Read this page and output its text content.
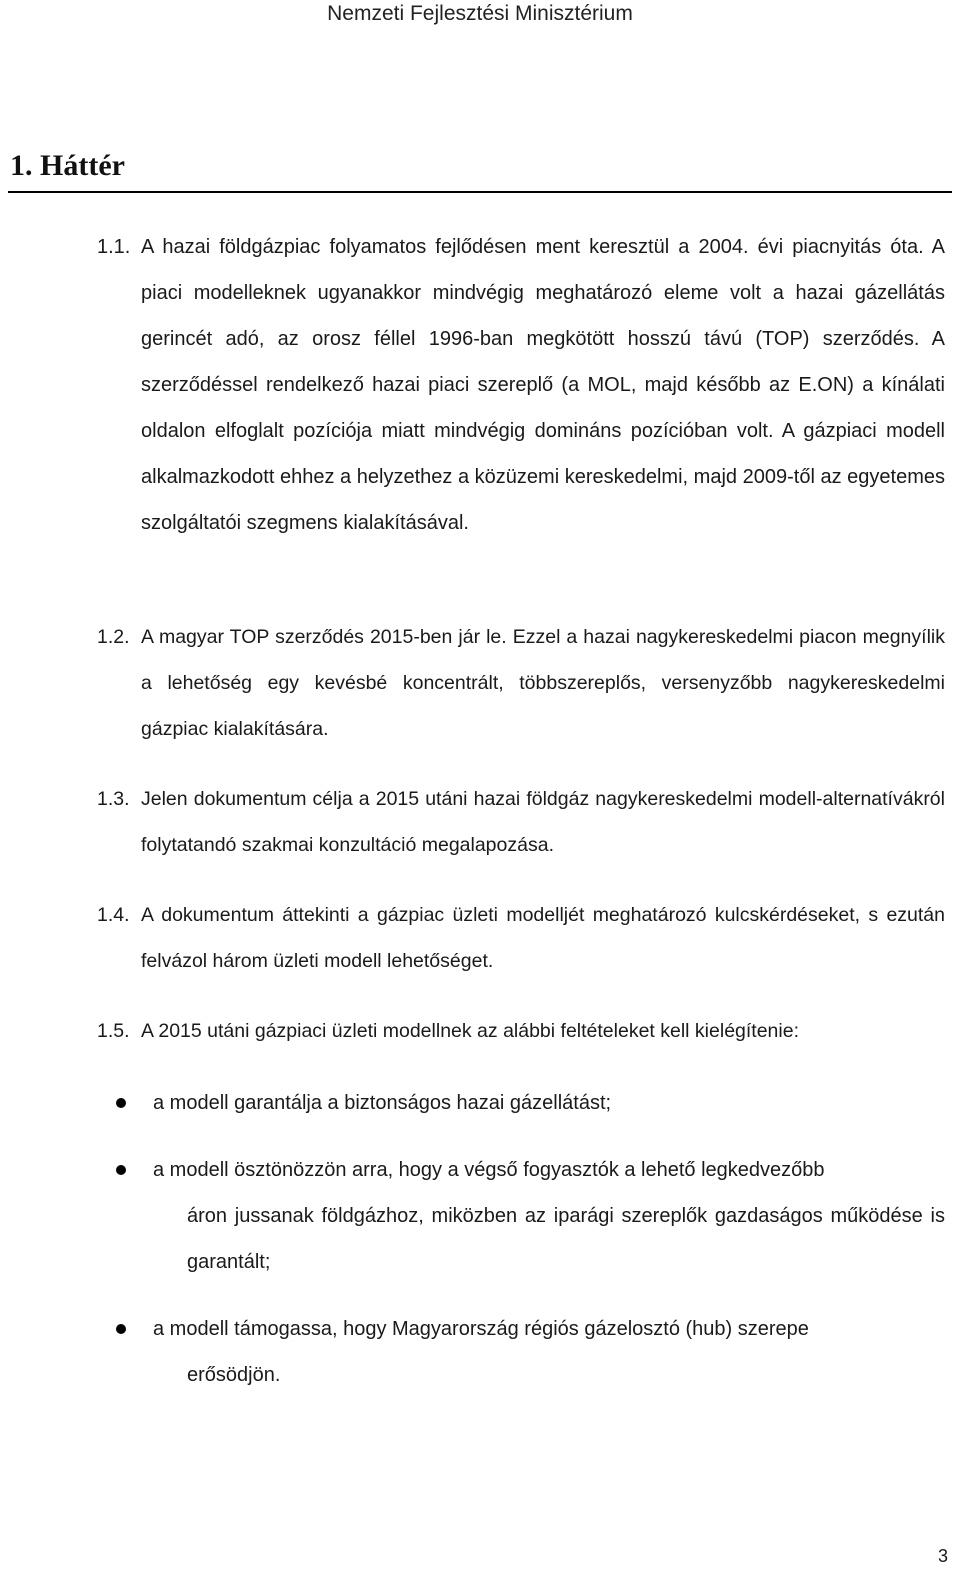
Nemzeti Fejlesztési Minisztérium
1. Háttér
1.1. A hazai földgázpiac folyamatos fejlődésen ment keresztül a 2004. évi piacnyitás óta. A piaci modelleknek ugyanakkor mindvégig meghatározó eleme volt a hazai gázellátás gerincét adó, az orosz féllel 1996-ban megkötött hosszú távú (TOP) szerződés. A szerződéssel rendelkező hazai piaci szereplő (a MOL, majd később az E.ON) a kínálati oldalon elfoglalt pozíciója miatt mindvégig domináns pozícióban volt. A gázpiaci modell alkalmazkodott ehhez a helyzethez a közüzemi kereskedelmi, majd 2009-től az egyetemes szolgáltatói szegmens kialakításával.
1.2. A magyar TOP szerződés 2015-ben jár le. Ezzel a hazai nagykereskedelmi piacon megnyílik a lehetőség egy kevésbé koncentrált, többszereplős, versenyzőbb nagykereskedelmi gázpiac kialakítására.
1.3. Jelen dokumentum célja a 2015 utáni hazai földgáz nagykereskedelmi modell-alternatívákról folytatandó szakmai konzultáció megalapozása.
1.4. A dokumentum áttekinti a gázpiac üzleti modelljét meghatározó kulcskérdéseket, s ezután felvázol három üzleti modell lehetőséget.
1.5. A 2015 utáni gázpiaci üzleti modellnek az alábbi feltételeket kell kielégítenie:
a modell garantálja a biztonságos hazai gázellátást;
a modell ösztönözzön arra, hogy a végső fogyasztók a lehető legkedvezőbb
áron jussanak földgázhoz, miközben az iparági szereplők gazdaságos működése is garantált;
a modell támogassa, hogy Magyarország régiós gázelosztó (hub) szerepe
erősödjön.
3
